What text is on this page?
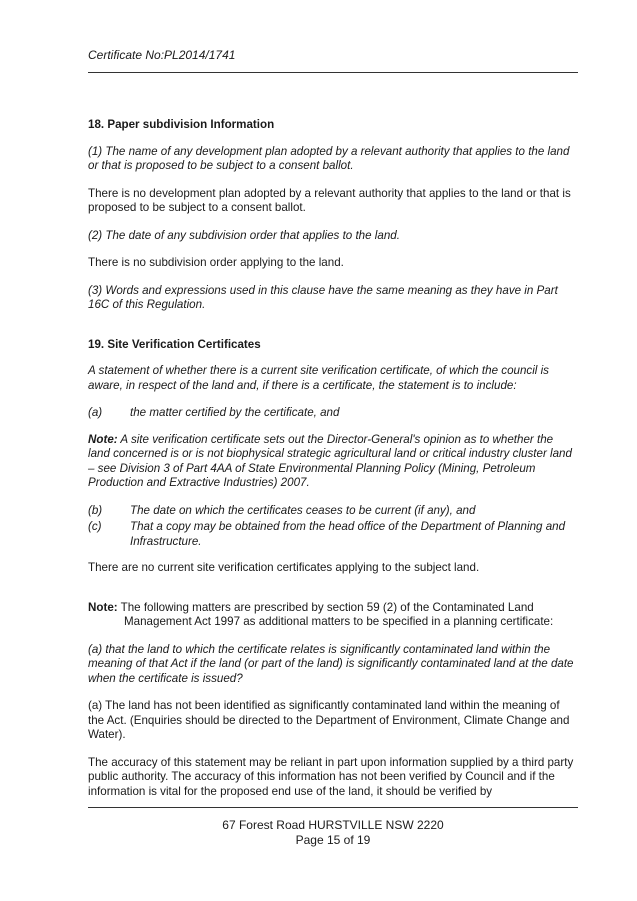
Certificate No:PL2014/1741

18. Paper subdivision Information

(1) The name of any development plan adopted by a relevant authority that applies to the land or that is proposed to be subject to a consent ballot.

There is no development plan adopted by a relevant authority that applies to the land or that is proposed to be subject to a consent ballot.

(2) The date of any subdivision order that applies to the land.

There is no subdivision order applying to the land.

(3) Words and expressions used in this clause have the same meaning as they have in Part 16C of this Regulation.

19. Site Verification Certificates

A statement of whether there is a current site verification certificate, of which the council is aware, in respect of the land and, if there is a certificate, the statement is to include:

(a)	the matter certified by the certificate, and

Note: A site verification certificate sets out the Director-General's opinion as to whether the land concerned is or is not biophysical strategic agricultural land or critical industry cluster land – see Division 3 of Part 4AA of State Environmental Planning Policy (Mining, Petroleum Production and Extractive Industries) 2007.

(b)	The date on which the certificates ceases to be current (if any), and
(c)	That a copy may be obtained from the head office of the Department of Planning and Infrastructure.

There are no current site verification certificates applying to the subject land.

Note: The following matters are prescribed by section 59 (2) of the Contaminated Land Management Act 1997 as additional matters to be specified in a planning certificate:

(a) that the land to which the certificate relates is significantly contaminated land within the meaning of that Act if the land (or part of the land) is significantly contaminated land at the date when the certificate is issued?

(a) The land has not been identified as significantly contaminated land within the meaning of the Act. (Enquiries should be directed to the Department of Environment, Climate Change and Water).

The accuracy of this statement may be reliant in part upon information supplied by a third party public authority. The accuracy of this information has not been verified by Council and if the information is vital for the proposed end use of the land, it should be verified by

67 Forest Road HURSTVILLE NSW 2220
Page 15 of 19
